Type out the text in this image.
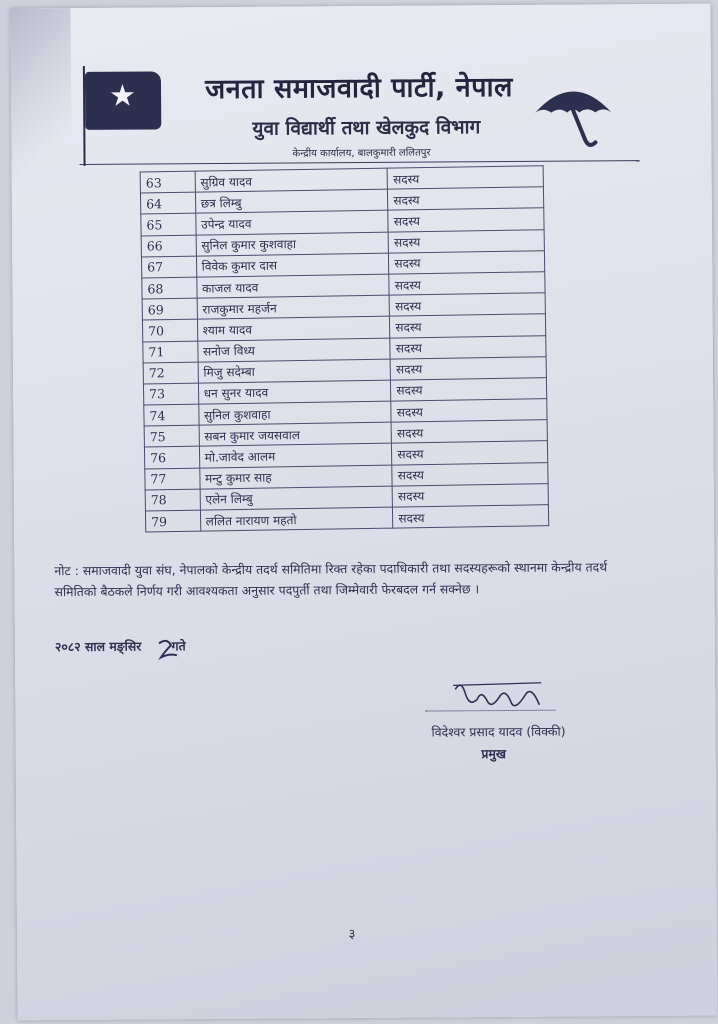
★	जनता समाजवादी पार्टी, नेपाल
युवा विद्यार्थी तथा खेलकुद विभाग
केन्द्रीय कार्यालय, बालकुमारी ललितपुर
63	सुग्रिव यादव	सदस्य
64	छत्र लिम्बु	सदस्य
65	उपेन्द्र यादव	सदस्य
66	सुनिल कुमार कुशवाहा	सदस्य
67	विवेक कुमार दास	सदस्य
68	काजल यादव	सदस्य
69	राजकुमार महर्जन	सदस्य
70	श्याम यादव	सदस्य
71	सनोज विध्य	सदस्य
72	मिजु सदेम्बा	सदस्य
73	धन सुनर यादव	सदस्य
74	सुनिल कुशवाहा	सदस्य
75	सबन कुमार जयसवाल	सदस्य
76	मो.जावेद आलम	सदस्य
77	मन्टु कुमार साह	सदस्य
78	एलेन लिम्बु	सदस्य
79	ललित नारायण महतो	सदस्य
नोट : समाजवादी युवा संघ, नेपालको केन्द्रीय तदर्थ समितिमा रिक्त रहेका पदाधिकारी तथा सदस्यहरूको स्थानमा केन्द्रीय तदर्थ समितिको बैठकले निर्णय गरी आवश्यकता अनुसार पदपुर्ती तथा जिम्मेवारी फेरबदल गर्न सक्नेछ ।
२०८२ साल मङ्सिर गते
विदेश्वर प्रसाद यादव (विक्की)
प्रमुख
३
